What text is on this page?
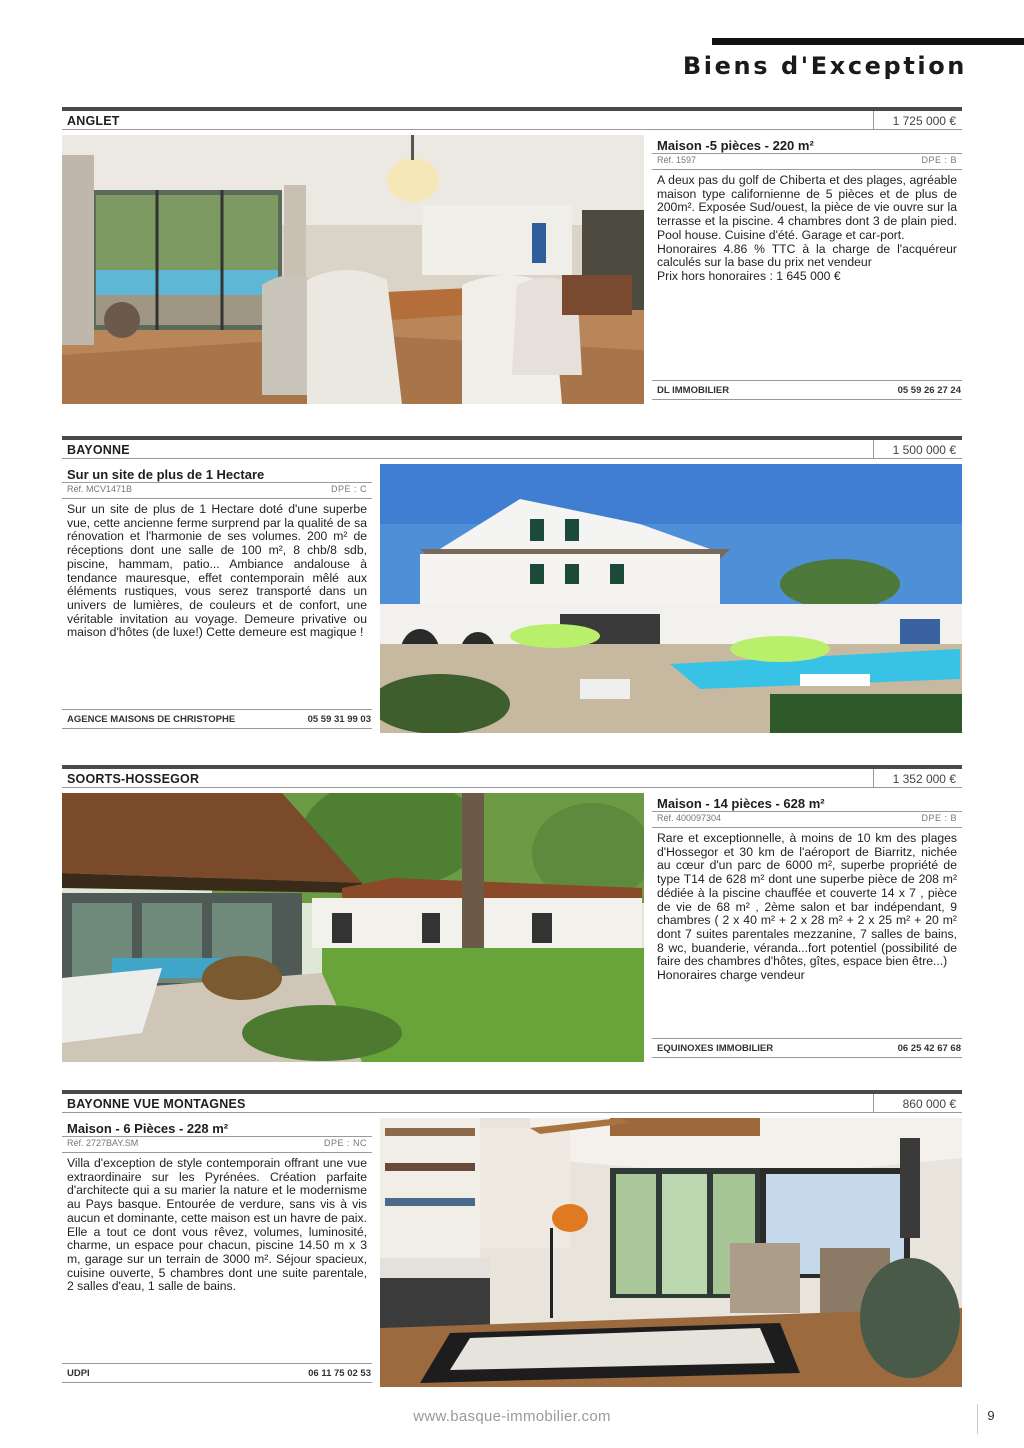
Biens d'Exception
ANGLET	1 725 000 €
Maison -5 pièces - 220 m²
Réf. 1597	DPE : B
A deux pas du golf de Chiberta et des plages, agréable maison type californienne de 5 pièces et de plus de 200m². Exposée Sud/ouest, la pièce de vie ouvre sur la terrasse et la piscine. 4 chambres dont 3 de plain pied. Pool house. Cuisine d'été. Garage et car-port.
Honoraires 4.86 % TTC à la charge de l'acquéreur calculés sur la base du prix net vendeur
Prix hors honoraires : 1 645 000 €
DL IMMOBILIER	05 59 26 27 24
BAYONNE	1 500 000 €
Sur un site de plus de 1 Hectare
Réf. MCV1471B	DPE : C
Sur un site de plus de 1 Hectare doté d'une superbe vue, cette ancienne ferme surprend par la qualité de sa rénovation et l'harmonie de ses volumes. 200 m² de réceptions dont une salle de 100 m², 8 chb/8 sdb, piscine, hammam, patio... Ambiance andalouse à tendance mauresque, effet contemporain mêlé aux éléments rustiques, vous serez transporté dans un univers de lumières, de couleurs et de confort, une véritable invitation au voyage. Demeure privative ou maison d'hôtes (de luxe!) Cette demeure est magique !
AGENCE MAISONS DE CHRISTOPHE	05 59 31 99 03
SOORTS-HOSSEGOR	1 352 000 €
Maison - 14 pièces - 628 m²
Réf. 400097304	DPE : B
Rare et exceptionnelle, à moins de 10 km des plages d'Hossegor et 30 km de l'aéroport de Biarritz, nichée au cœur d'un parc de 6000 m², superbe propriété de type T14 de 628 m² dont une superbe pièce de 208 m² dédiée à la piscine chauffée et couverte 14 x 7 , pièce de vie de 68 m² , 2ème salon et bar indépendant, 9 chambres ( 2 x 40 m² + 2 x 28 m² + 2 x 25 m² + 20 m² dont 7 suites parentales mezzanine, 7 salles de bains, 8 wc, buanderie, véranda...fort potentiel (possibilité de faire des chambres d'hôtes, gîtes, espace bien être...)
Honoraires charge vendeur
EQUINOXES IMMOBILIER	06 25 42 67 68
BAYONNE VUE MONTAGNES	860 000 €
Maison - 6 Pièces - 228 m²
Réf. 2727BAY.SM	DPE : NC
Villa d'exception de style contemporain offrant une vue extraordinaire sur les Pyrénées. Création parfaite d'architecte qui a su marier la nature et le modernisme au Pays basque. Entourée de verdure, sans vis à vis aucun et dominante, cette maison est un havre de paix. Elle a tout ce dont vous rêvez, volumes, luminosité, charme, un espace pour chacun, piscine 14.50 m x 3 m, garage sur un terrain de 3000 m². Séjour spacieux, cuisine ouverte, 5 chambres dont une suite parentale, 2 salles d'eau, 1 salle de bains.
UDPI	06 11 75 02 53
www.basque-immobilier.com	9
